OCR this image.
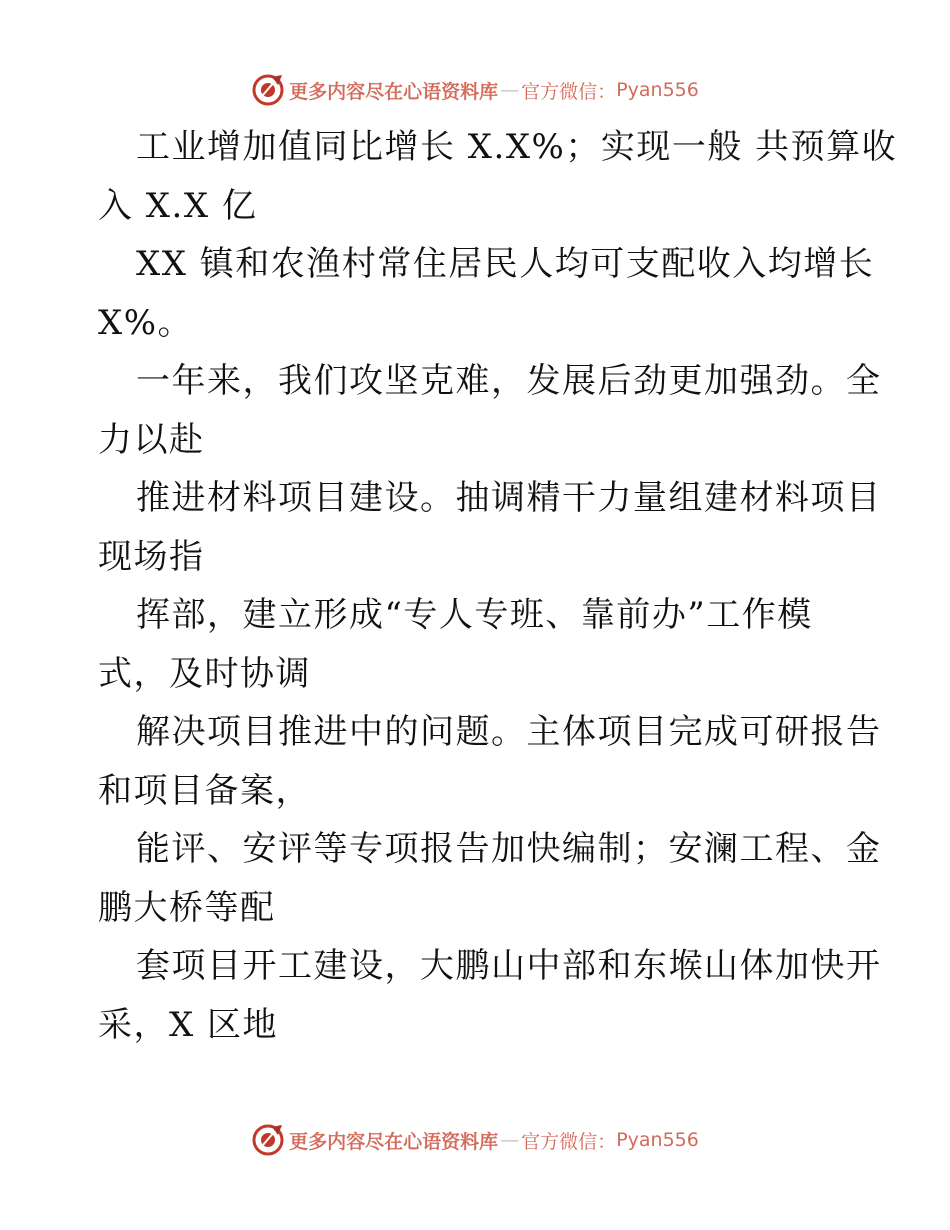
更多内容尽在心语资料库 — 官方微信： Pyan556
工业增加值同比增长 X.X%；实现一般 共预算收
入 X.X 亿
XX 镇和农渔村常住居民人均可支配收入均增长
X%。
一年来，我们攻坚克难，发展后劲更加强劲。全
力以赴
推进材料项目建设。抽调精干力量组建材料项目
现场指
挥部，建立形成“专人专班、靠前办”工作模
式，及时协调
解决项目推进中的问题。主体项目完成可研报告
和项目备案，
能评、安评等专项报告加快编制；安澜工程、金
鹏大桥等配
套项目开工建设，大鹏山中部和东堠山体加快开
采，X 区地
更多内容尽在心语资料库 — 官方微信： Pyan556
